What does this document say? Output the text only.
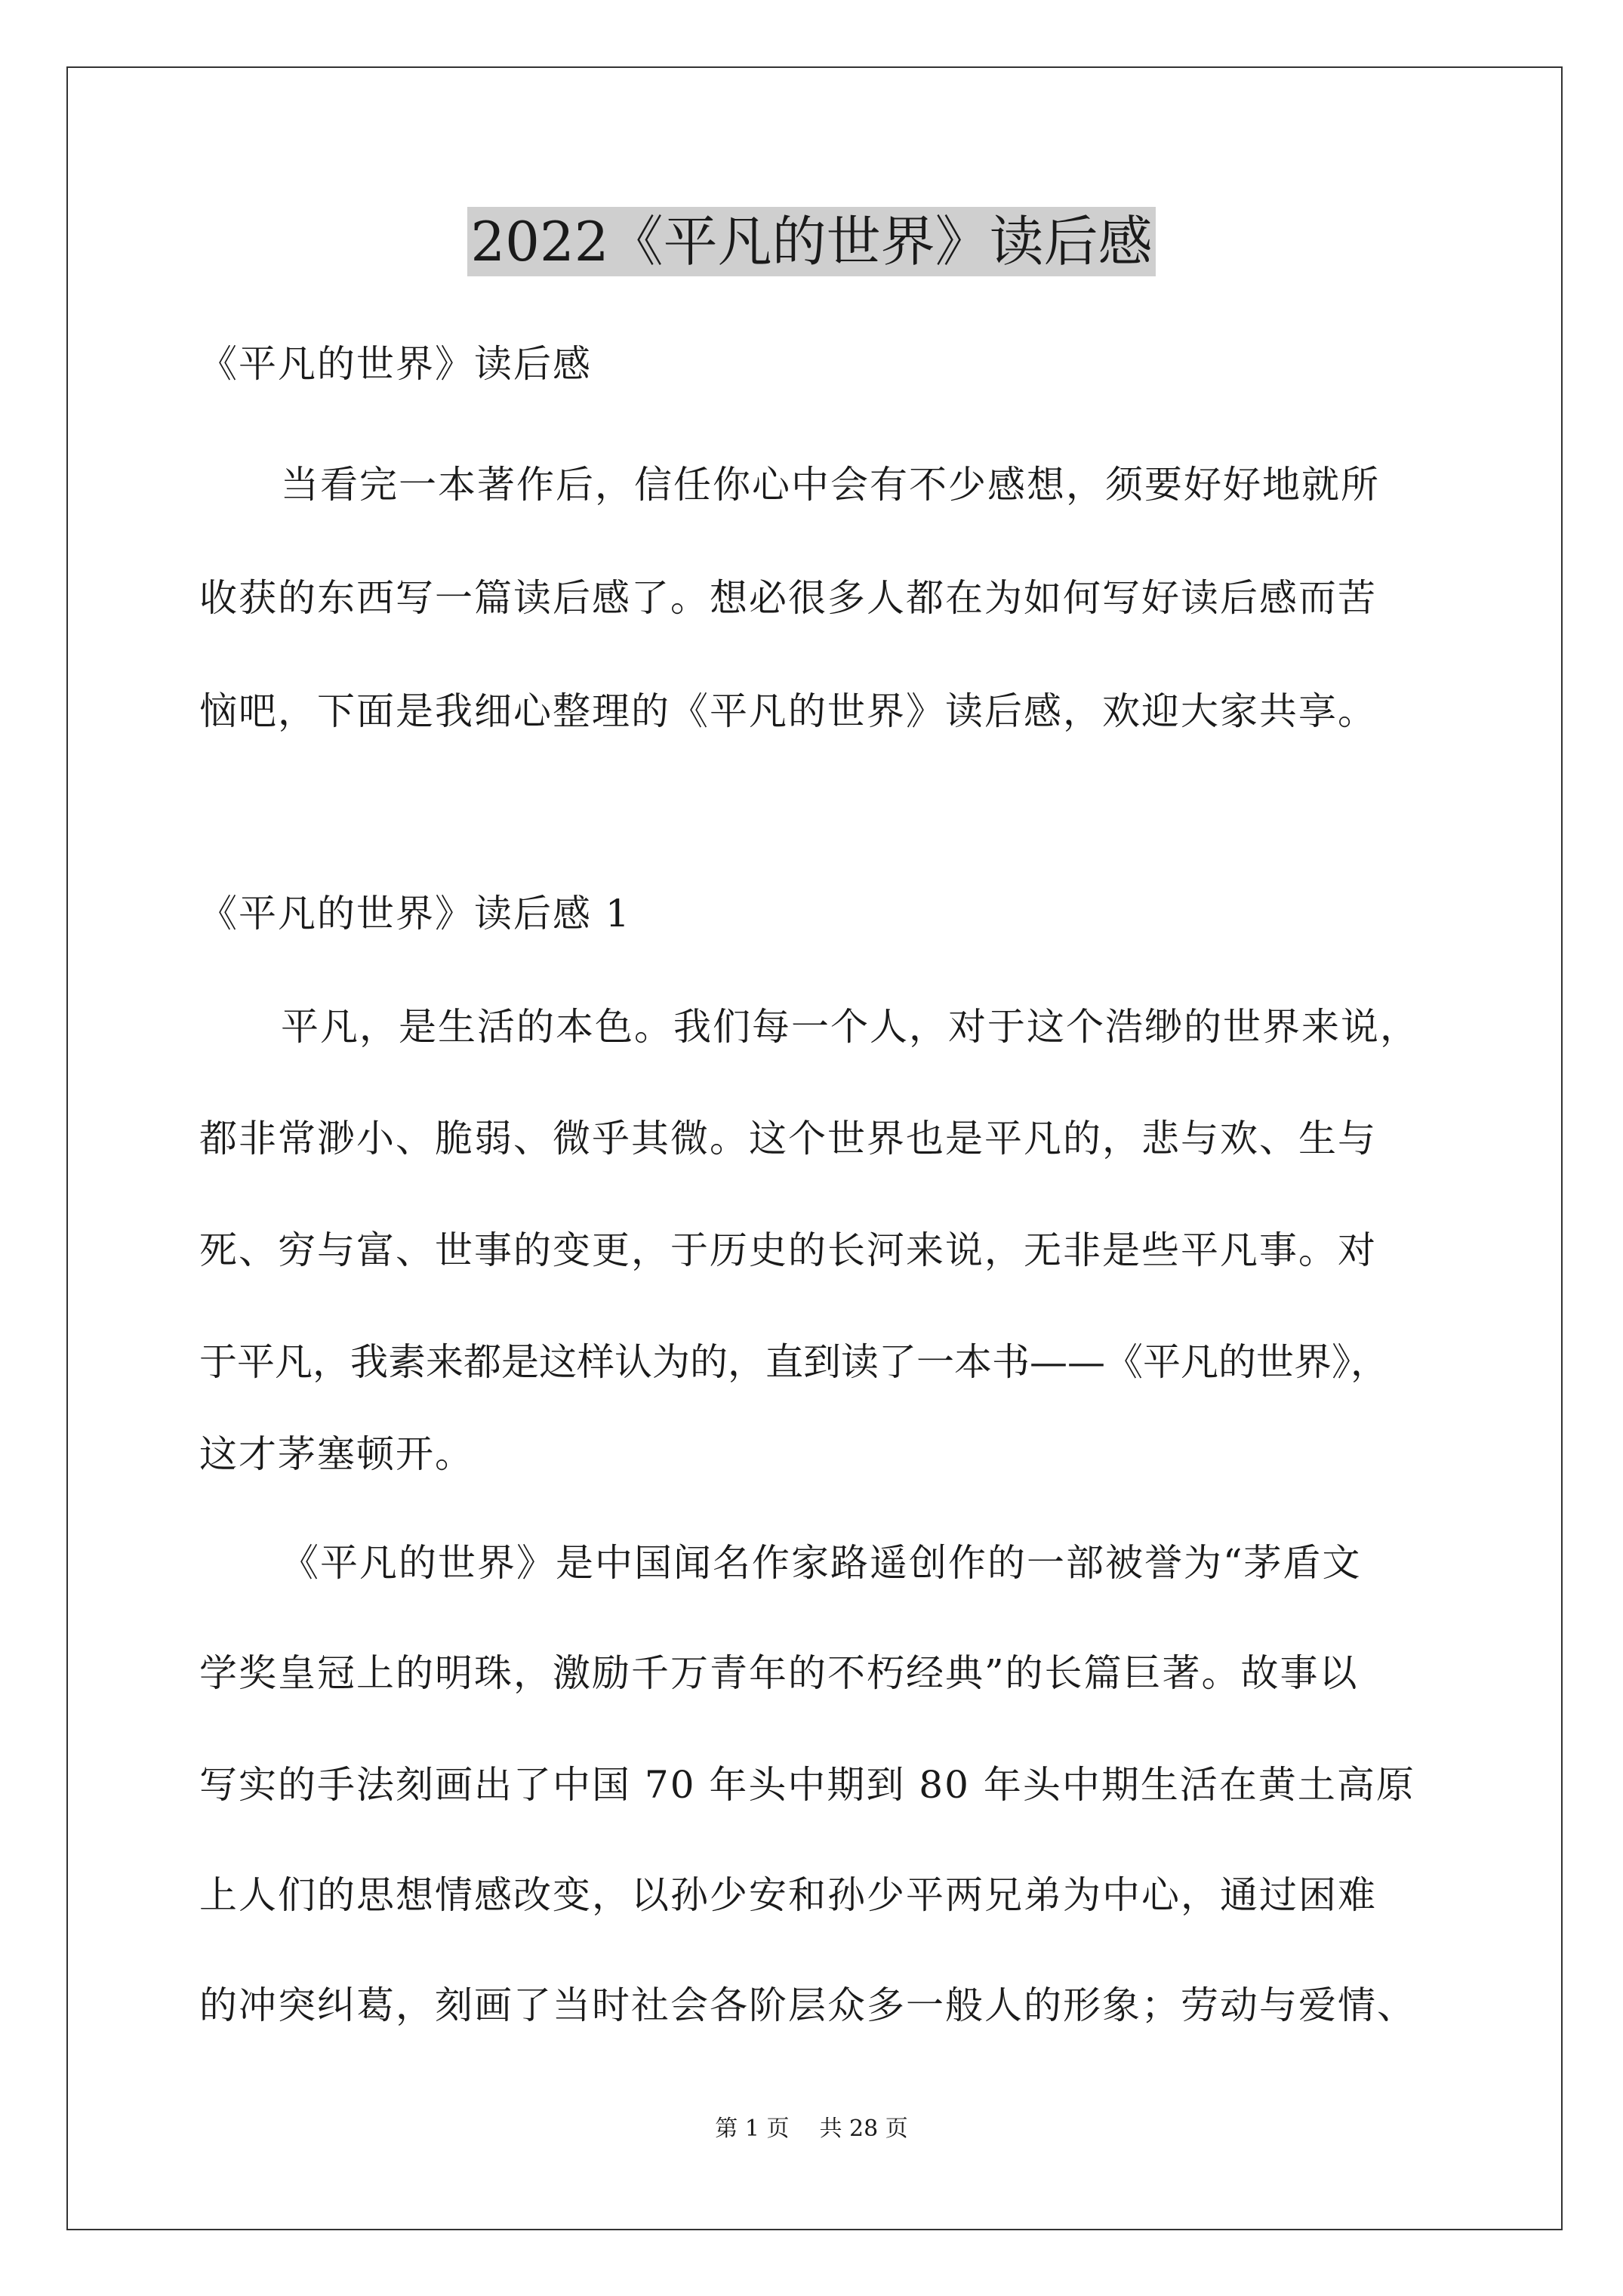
2022《平凡的世界》读后感
《平凡的世界》读后感
当看完一本著作后，信任你心中会有不少感想，须要好好地就所
收获的东西写一篇读后感了。想必很多人都在为如何写好读后感而苦
恼吧，下面是我细心整理的《平凡的世界》读后感，欢迎大家共享。
《平凡的世界》读后感 1
平凡，是生活的本色。我们每一个人，对于这个浩缈的世界来说，
都非常渺小、脆弱、微乎其微。这个世界也是平凡的，悲与欢、生与
死、穷与富、世事的变更，于历史的长河来说，无非是些平凡事。对
于平凡，我素来都是这样认为的，直到读了一本书——《平凡的世界》，
这才茅塞顿开。
《平凡的世界》是中国闻名作家路遥创作的一部被誉为“茅盾文
学奖皇冠上的明珠，激励千万青年的不朽经典”的长篇巨著。故事以
写实的手法刻画出了中国 70 年头中期到 80 年头中期生活在黄土高原
上人们的思想情感改变，以孙少安和孙少平两兄弟为中心，通过困难
的冲突纠葛，刻画了当时社会各阶层众多一般人的形象；劳动与爱情、
第 1 页 共 28 页
